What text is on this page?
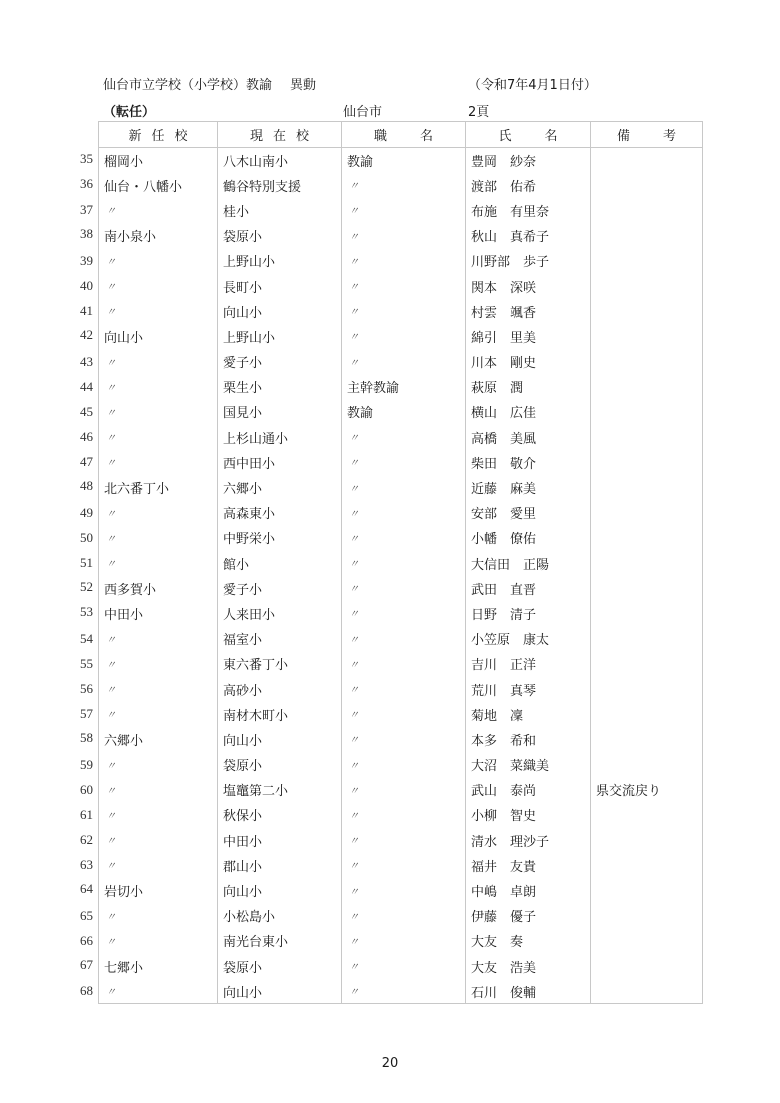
仙台市立学校（小学校）教諭 異動	（令和7年4月1日付）
（転任）	仙台市	2頁
新任校	現在校	職　名	氏　名	備　考

35 榴岡小	八木山南小	教諭	豊岡　紗奈	

36 仙台・八幡小	鶴谷特別支援	〃	渡部　佑希	

37 〃	桂小	〃	布施　有里奈	

38 南小泉小	袋原小	〃	秋山　真希子	

39 〃	上野山小	〃	川野部　歩子	

40 〃	長町小	〃	関本　深咲	

41 〃	向山小	〃	村雲　颯香	

42 向山小	上野山小	〃	綿引　里美	

43 〃	愛子小	〃	川本　剛史	

44 〃	栗生小	主幹教諭	萩原　潤	

45 〃	国見小	教諭	横山　広佳	

46 〃	上杉山通小	〃	高橋　美風	

47 〃	西中田小	〃	柴田　敬介	

48 北六番丁小	六郷小	〃	近藤　麻美	

49 〃	高森東小	〃	安部　愛里	

50 〃	中野栄小	〃	小幡　僚佑	

51 〃	館小	〃	大信田　正陽	

52 西多賀小	愛子小	〃	武田　直晋	

53 中田小	人来田小	〃	日野　清子	

54 〃	福室小	〃	小笠原　康太	

55 〃	東六番丁小	〃	吉川　正洋	

56 〃	高砂小	〃	荒川　真琴	

57 〃	南材木町小	〃	菊地　凜	

58 六郷小	向山小	〃	本多　希和	

59 〃	袋原小	〃	大沼　菜織美	

60 〃	塩竈第二小	〃	武山　泰尚	県交流戻り

61 〃	秋保小	〃	小柳　智史	

62 〃	中田小	〃	清水　理沙子	

63 〃	郡山小	〃	福井　友貴	

64 岩切小	向山小	〃	中嶋　卓朗	

65 〃	小松島小	〃	伊藤　優子	

66 〃	南光台東小	〃	大友　奏	

67 七郷小	袋原小	〃	大友　浩美	

68 〃	向山小	〃	石川　俊輔	
20
